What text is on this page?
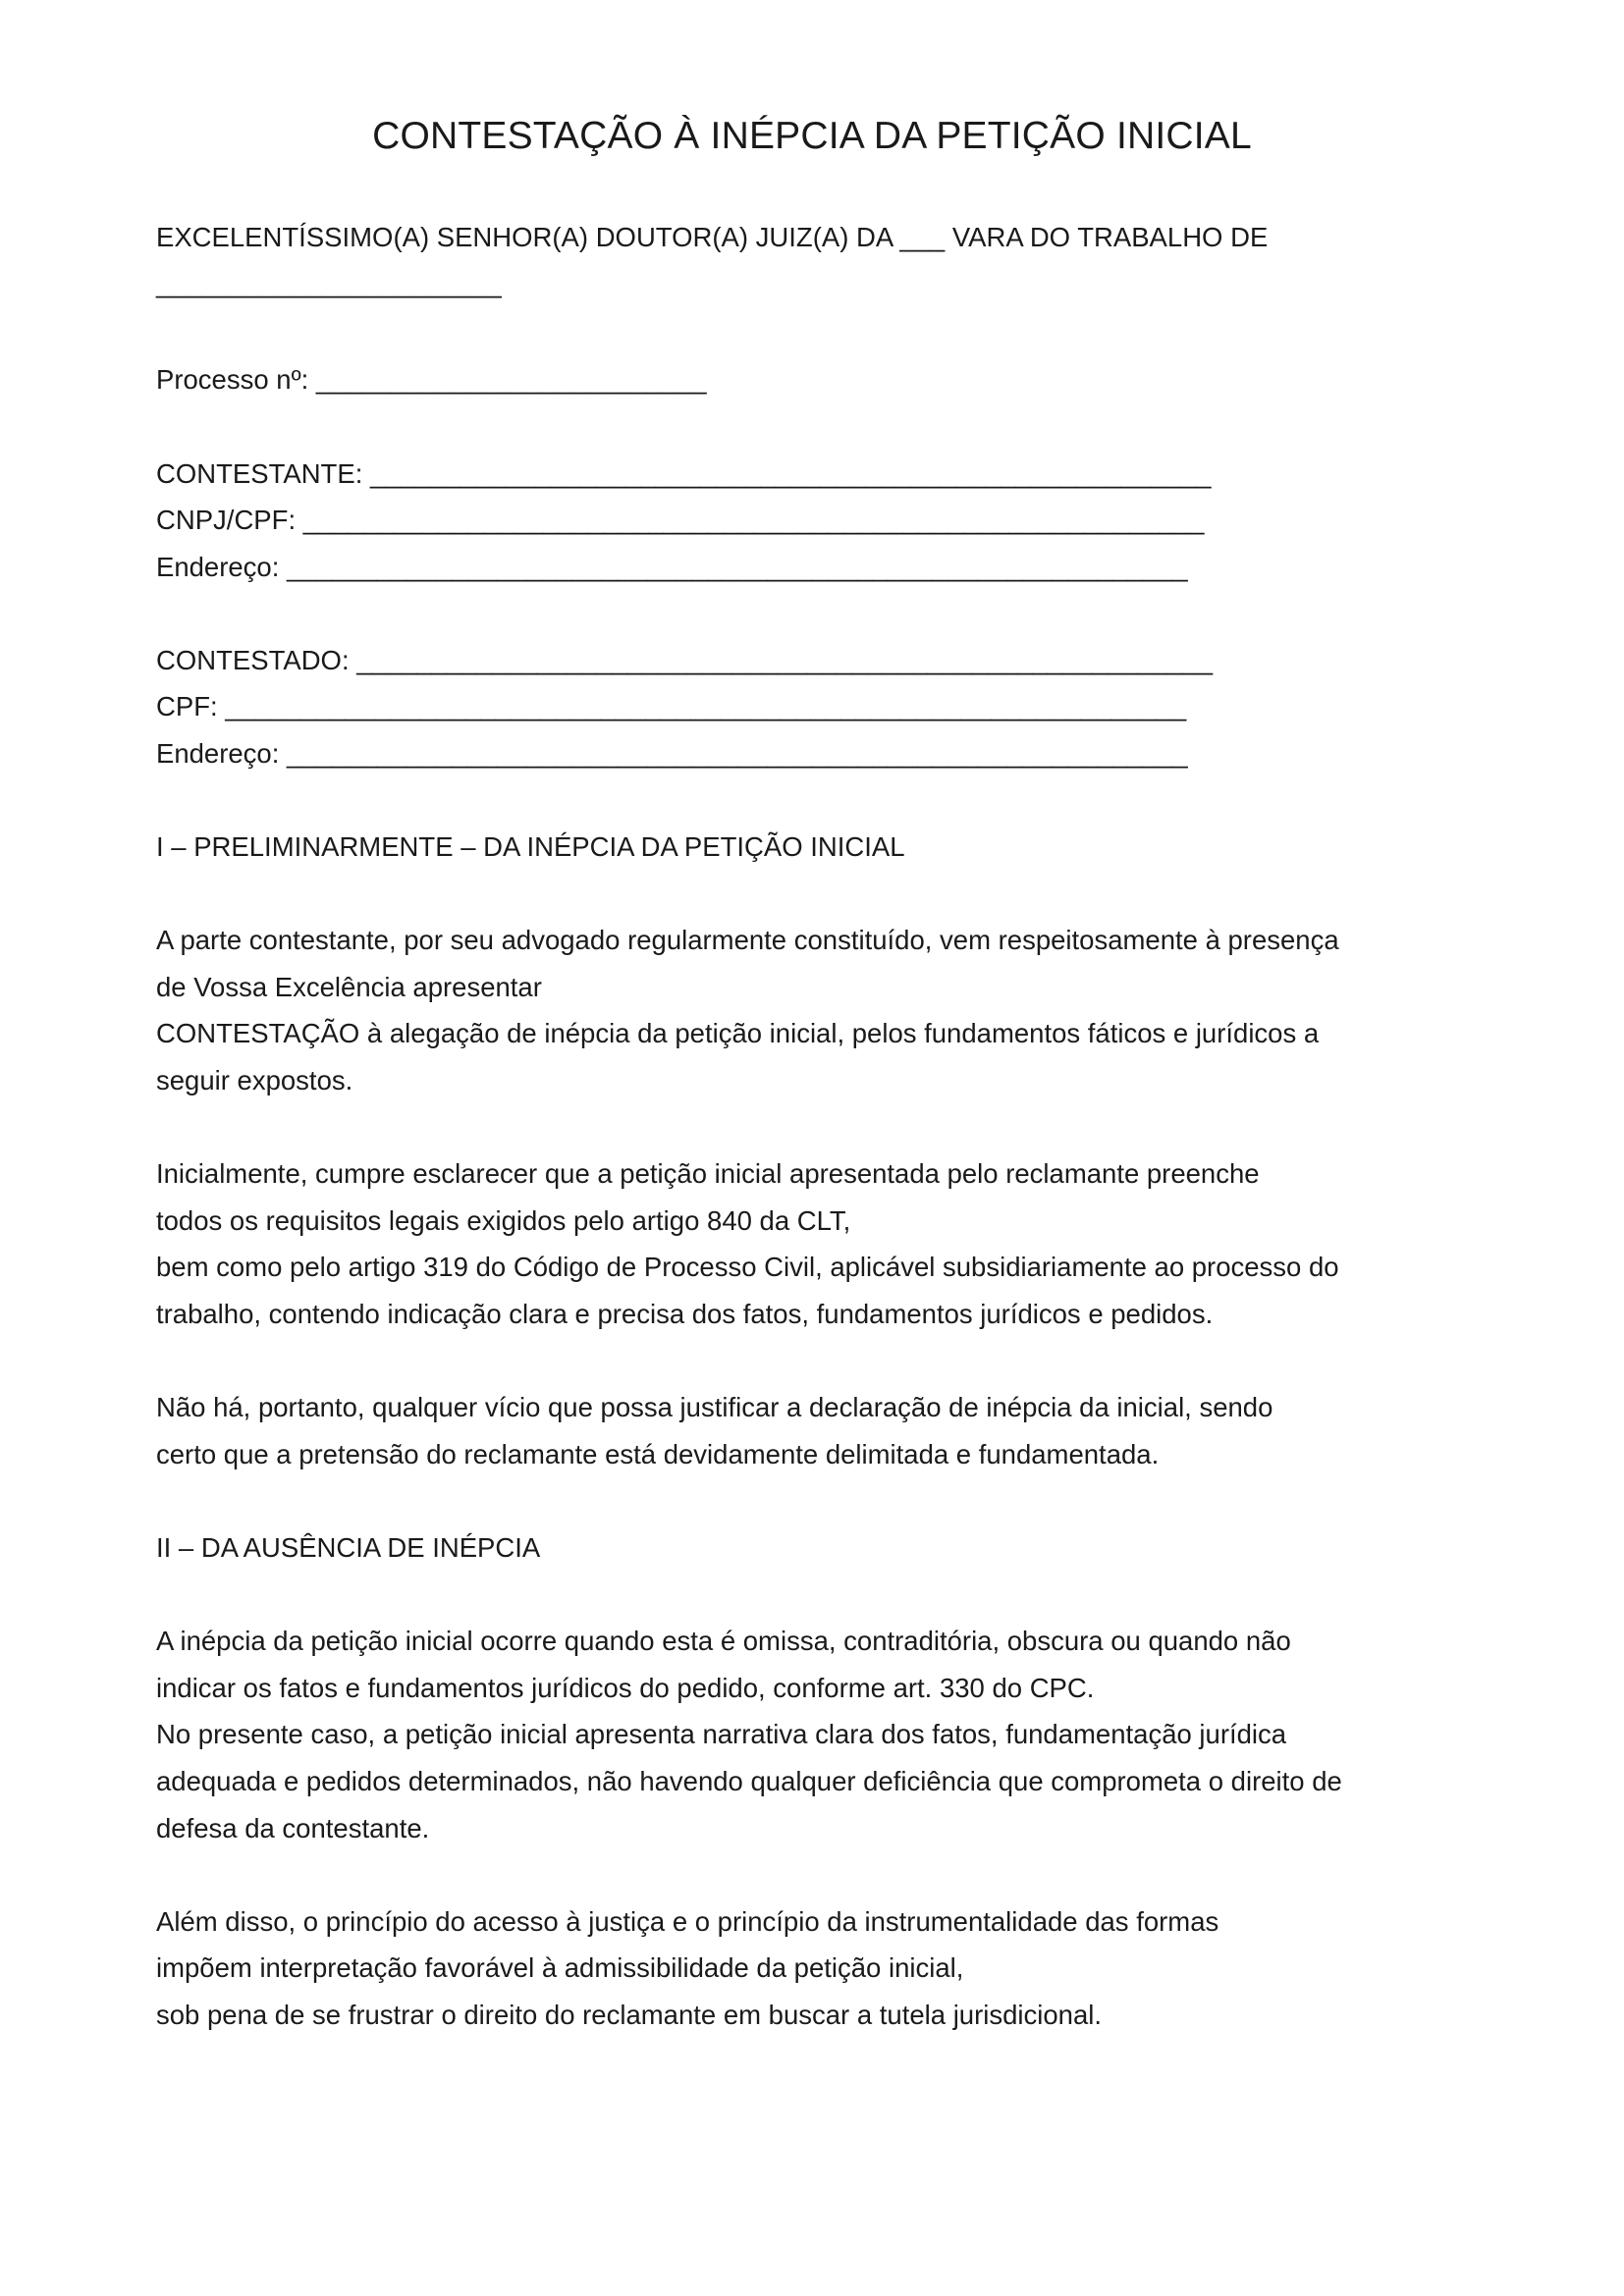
CONTESTAÇÃO À INÉPCIA DA PETIÇÃO INICIAL
EXCELENTÍSSIMO(A) SENHOR(A) DOUTOR(A) JUIZ(A) DA ___ VARA DO TRABALHO DE
_______________________
Processo nº: __________________________
CONTESTANTE: ________________________________________________________
CNPJ/CPF: ____________________________________________________________
Endereço: ____________________________________________________________
CONTESTADO: _________________________________________________________
CPF: ________________________________________________________________
Endereço: ____________________________________________________________
I – PRELIMINARMENTE – DA INÉPCIA DA PETIÇÃO INICIAL
A parte contestante, por seu advogado regularmente constituído, vem respeitosamente à presença
de Vossa Excelência apresentar
CONTESTAÇÃO à alegação de inépcia da petição inicial, pelos fundamentos fáticos e jurídicos a
seguir expostos.
Inicialmente, cumpre esclarecer que a petição inicial apresentada pelo reclamante preenche
todos os requisitos legais exigidos pelo artigo 840 da CLT,
bem como pelo artigo 319 do Código de Processo Civil, aplicável subsidiariamente ao processo do
trabalho, contendo indicação clara e precisa dos fatos, fundamentos jurídicos e pedidos.
Não há, portanto, qualquer vício que possa justificar a declaração de inépcia da inicial, sendo
certo que a pretensão do reclamante está devidamente delimitada e fundamentada.
II – DA AUSÊNCIA DE INÉPCIA
A inépcia da petição inicial ocorre quando esta é omissa, contraditória, obscura ou quando não
indicar os fatos e fundamentos jurídicos do pedido, conforme art. 330 do CPC.
No presente caso, a petição inicial apresenta narrativa clara dos fatos, fundamentação jurídica
adequada e pedidos determinados, não havendo qualquer deficiência que comprometa o direito de
defesa da contestante.
Além disso, o princípio do acesso à justiça e o princípio da instrumentalidade das formas
impõem interpretação favorável à admissibilidade da petição inicial,
sob pena de se frustrar o direito do reclamante em buscar a tutela jurisdicional.
